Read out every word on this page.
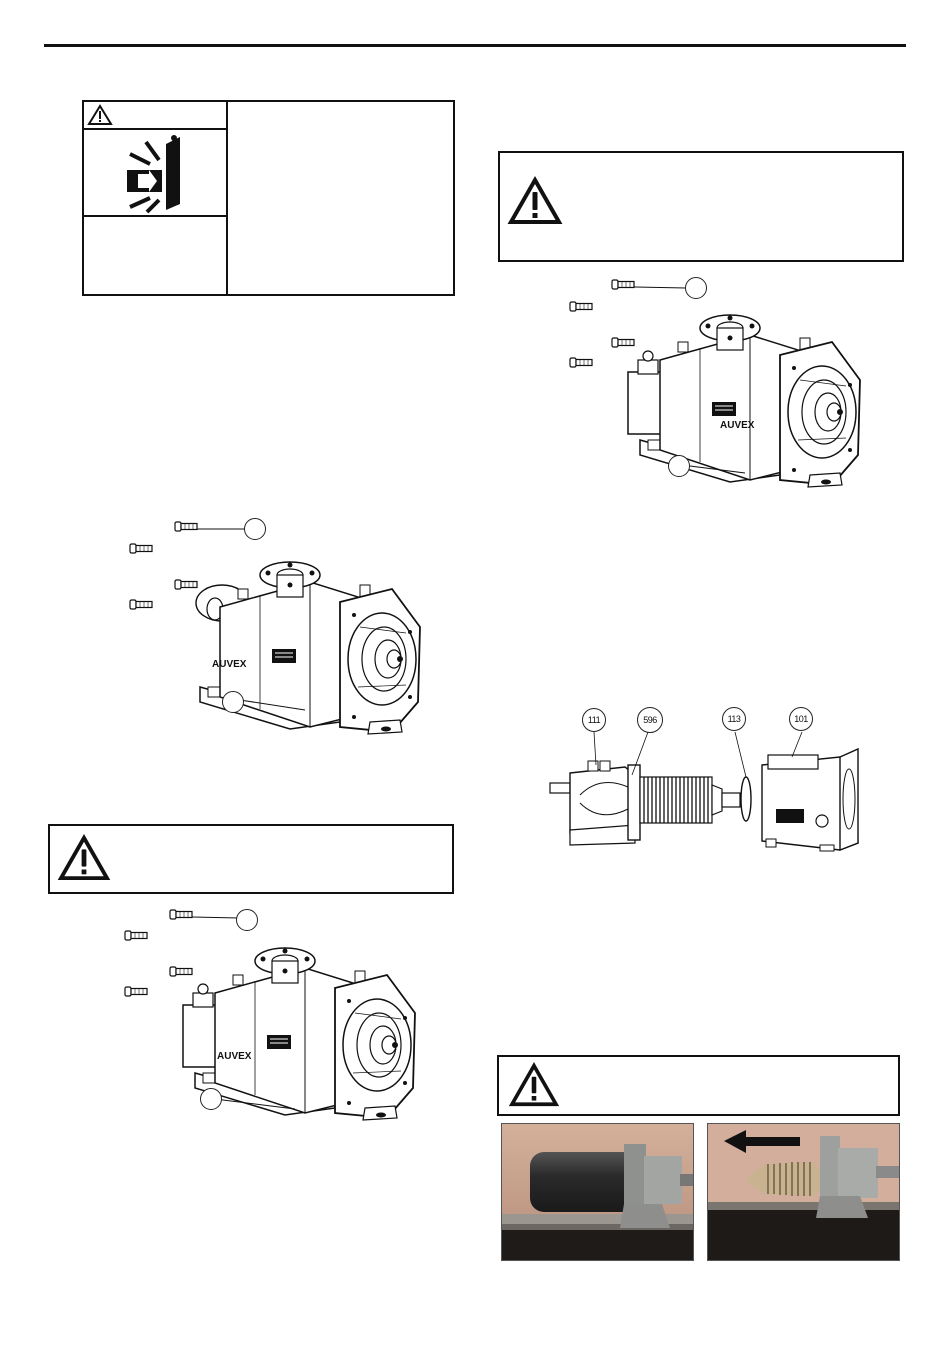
AUVEX
AUVEX
AUVEX
111	596	113	101
